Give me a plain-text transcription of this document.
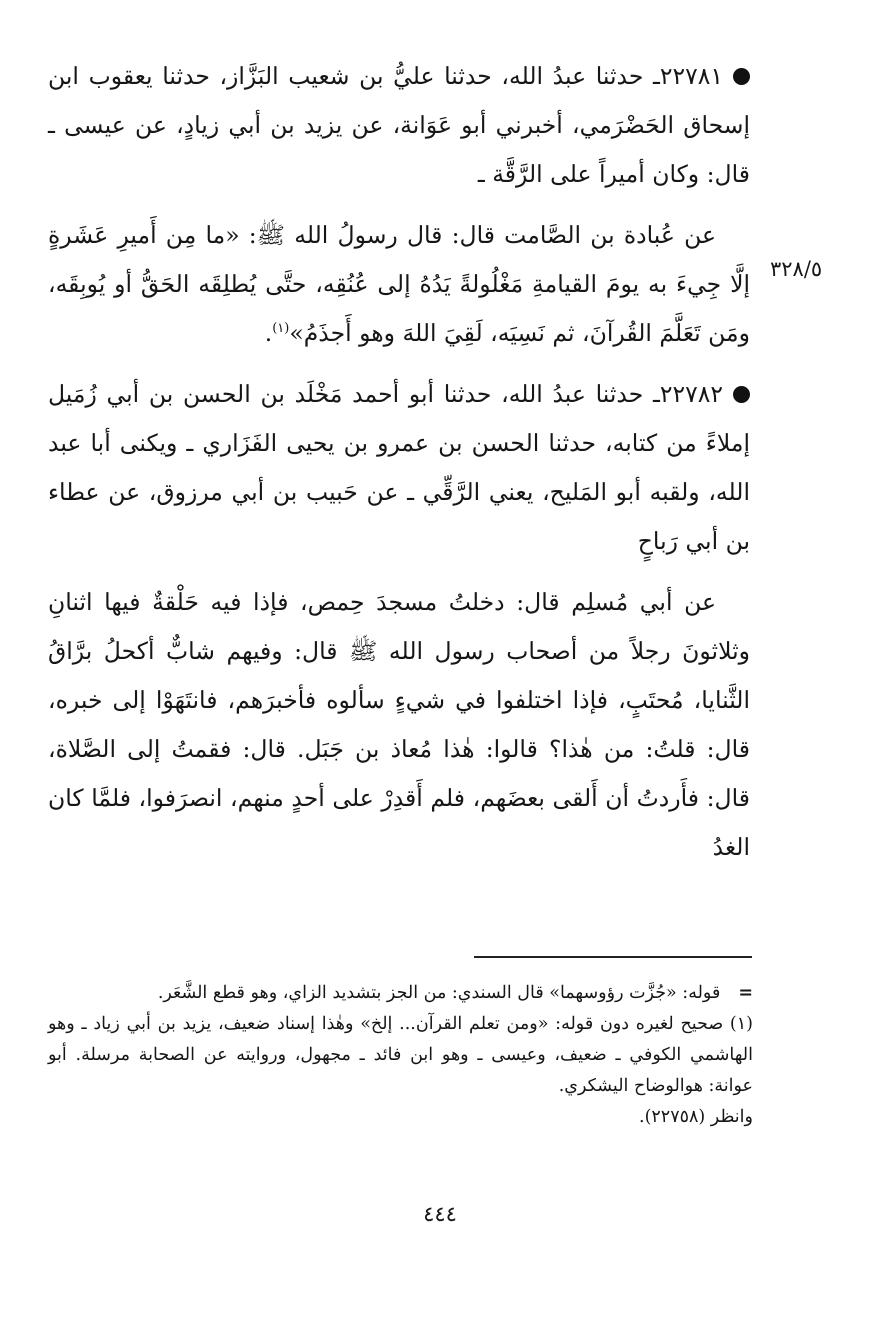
٣٢٨/٥

٢٢٧٨١ـ حدثنا عبدُ الله، حدثنا عليُّ بن شعيب البَزَّاز، حدثنا يعقوب ابن إسحاق الحَضْرَمي، أخبرني أبو عَوَانة، عن يزيد بن أبي زيادٍ، عن عيسى ـ قال: وكان أميراً على الرَّقَّة ـ

عن عُبادة بن الصَّامت قال: قال رسولُ الله ﷺ: «ما مِن أَميرِ عَشَرةٍ إلَّا جِيءَ به يومَ القيامةِ مَغْلُولةً يَدُهُ إلى عُنُقِه، حتَّى يُطلِقَه الحَقُّ أو يُوبِقَه، ومَن تَعَلَّمَ القُرآنَ، ثم نَسِيَه، لَقِيَ اللهَ وهو أَجذَمُ»$^{(١)}$.

٢٢٧٨٢ـ حدثنا عبدُ الله، حدثنا أبو أحمد مَخْلَد بن الحسن بن أبي زُمَيل إملاءً من كتابه، حدثنا الحسن بن عمرو بن يحيى الفَزَاري ـ ويكنى أبا عبد الله، ولقبه أبو المَليح، يعني الرَّقِّي ـ عن حَبيب بن أبي مرزوق، عن عطاء بن أبي رَباحٍ

عن أبي مُسلِم قال: دخلتُ مسجدَ حِمص، فإذا فيه حَلْقةٌ فيها اثنانِ وثلاثونَ رجلاً من أصحاب رسول الله ﷺ قال: وفيهم شابٌّ أكحلُ برَّاقُ الثَّنايا، مُحتَبٍ، فإذا اختلفوا في شيءٍ سألوه فأخبرَهم، فانتَهَوْا إلى خبره، قال: قلتُ: من هٰذا؟ قالوا: هٰذا مُعاذ بن جَبَل. قال: فقمتُ إلى الصَّلاة، قال: فأَردتُ أن أَلقى بعضَهم، فلم أَقدِرْ على أحدٍ منهم، انصرَفوا، فلمَّا كان الغدُ

=قوله: «جُزَّت رؤوسهما» قال السندي: من الجز بتشديد الزاي، وهو قطع الشَّعَر.

(١) صحيح لغيره دون قوله: «ومن تعلم القرآن... إلخ» وهٰذا إسناد ضعيف، يزيد بن أبي زياد ـ وهو الهاشمي الكوفي ـ ضعيف، وعيسى ـ وهو ابن فائد ـ مجهول، وروايته عن الصحابة مرسلة. أبو عوانة: هوالوضاح اليشكري.

وانظر (٢٢٧٥٨).

٤٤٤
